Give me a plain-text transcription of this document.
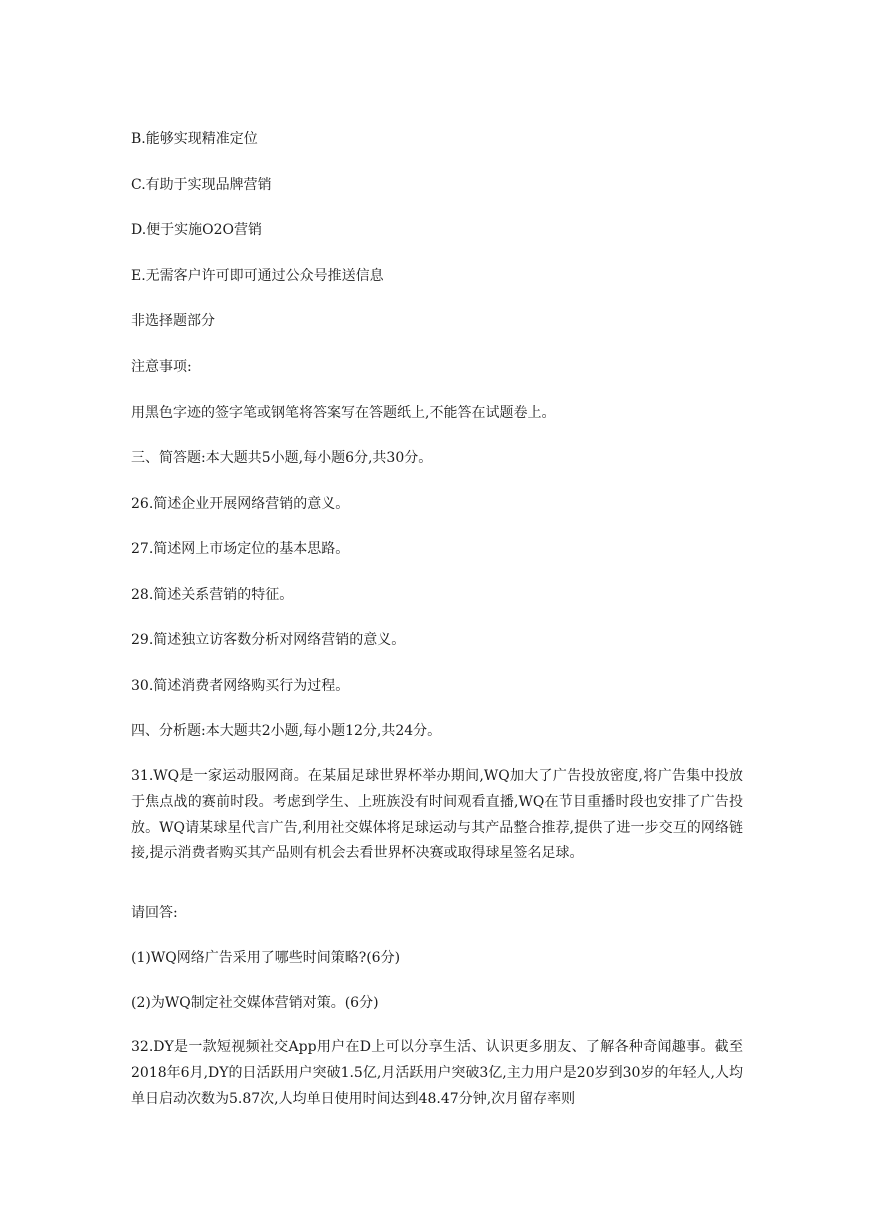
B.能够实现精准定位

C.有助于实现品牌营销

D.便于实施O2O营销

E.无需客户许可即可通过公众号推送信息

非选择题部分

注意事项:

用黑色字迹的签字笔或钢笔将答案写在答题纸上,不能答在试题卷上。

三、简答题:本大题共5小题,每小题6分,共30分。

26.简述企业开展网络营销的意义。

27.简述网上市场定位的基本思路。

28.简述关系营销的特征。

29.简述独立访客数分析对网络营销的意义。

30.简述消费者网络购买行为过程。

四、分析题:本大题共2小题,每小题12分,共24分。

31.WQ是一家运动服网商。在某届足球世界杯举办期间,WQ加大了广告投放密度,将广告集中投放于焦点战的赛前时段。考虑到学生、上班族没有时间观看直播,WQ在节目重播时段也安排了广告投放。WQ请某球星代言广告,利用社交媒体将足球运动与其产品整合推荐,提供了进一步交互的网络链接,提示消费者购买其产品则有机会去看世界杯决赛或取得球星签名足球。

请回答:

(1)WQ网络广告采用了哪些时间策略?(6分)

(2)为WQ制定社交媒体营销对策。(6分)

32.DY是一款短视频社交App用户在D上可以分享生活、认识更多朋友、了解各种奇闻趣事。截至2018年6月,DY的日活跃用户突破1.5亿,月活跃用户突破3亿,主力用户是20岁到30岁的年轻人,人均单日启动次数为5.87次,人均单日使用时间达到48.47分钟,次月留存率则
